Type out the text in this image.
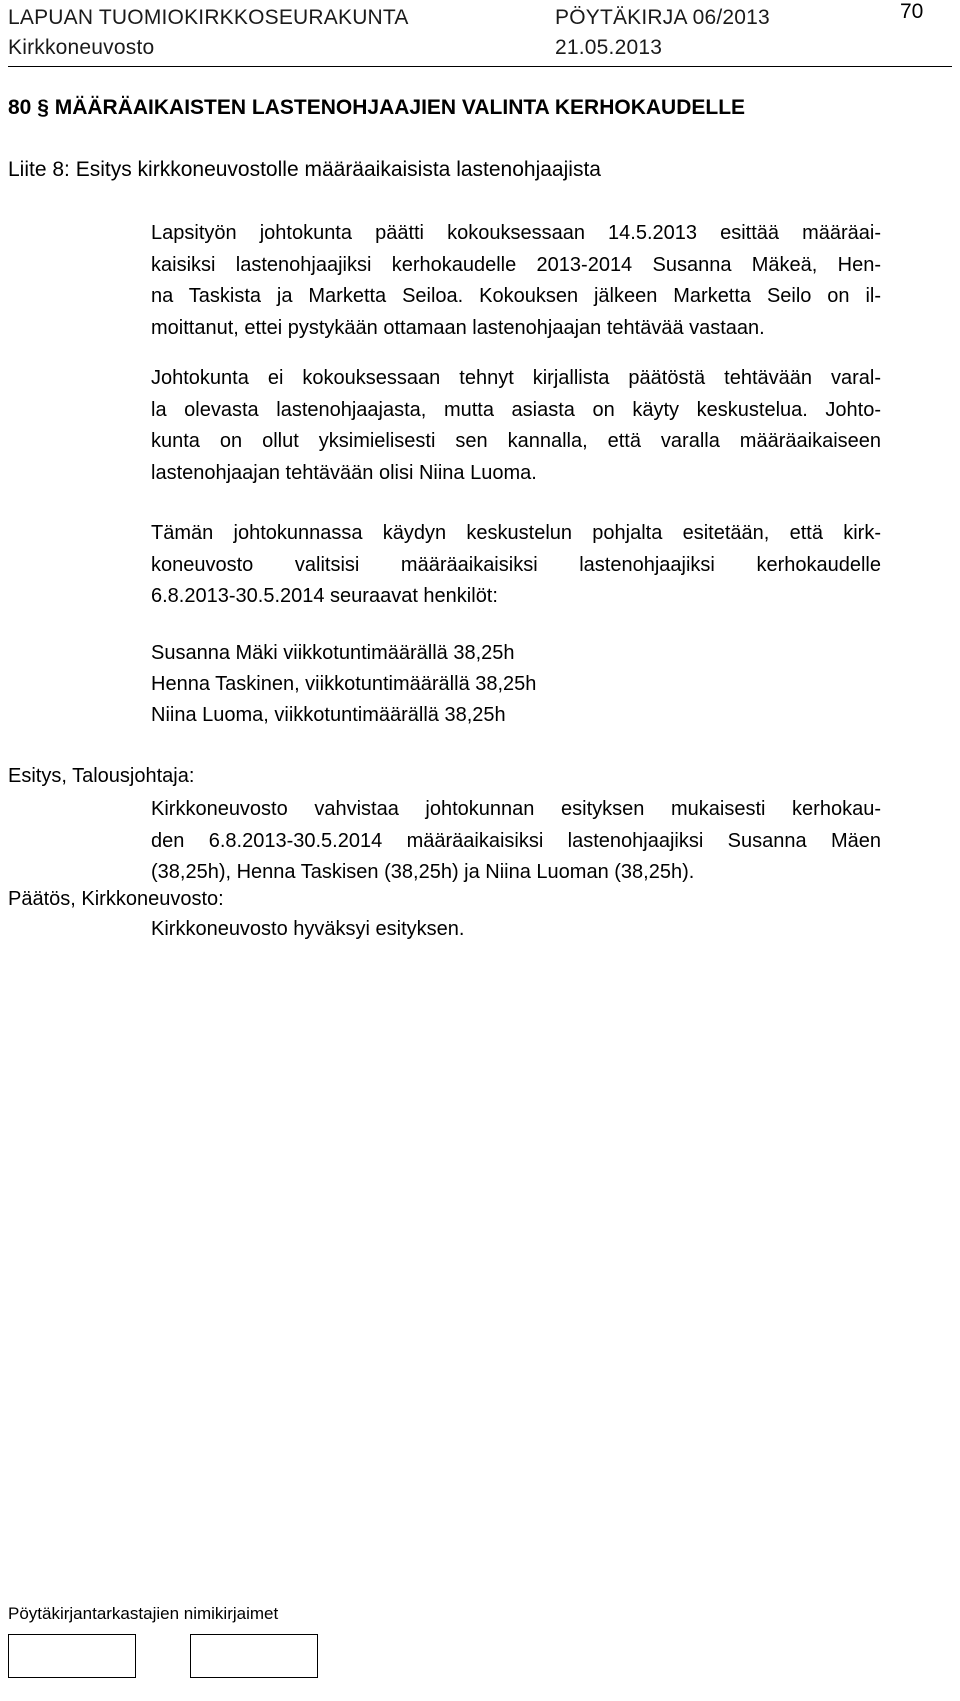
LAPUAN TUOMIOKIRKKOSEURAKUNTA	PÖYTÄKIRJA 06/2013	70
Kirkkoneuvosto	21.05.2013
80 § MÄÄRÄAIKAISTEN LASTENOHJAAJIEN VALINTA KERHOKAUDELLE
Liite 8: Esitys kirkkoneuvostolle määräaikaisista lastenohjaajista
Lapsityön johtokunta päätti kokouksessaan 14.5.2013 esittää määräai-
kaisiksi lastenohjaajiksi kerhokaudelle 2013-2014 Susanna Mäkeä, Hen-
na Taskista ja Marketta Seiloa. Kokouksen jälkeen Marketta Seilo on il-
moittanut, ettei pystykään ottamaan lastenohjaajan tehtävää vastaan.
Johtokunta ei kokouksessaan tehnyt kirjallista päätöstä tehtävään varal-
la olevasta lastenohjaajasta, mutta asiasta on käyty keskustelua. Johto-
kunta on ollut yksimielisesti sen kannalla, että varalla määräaikaiseen
lastenohjaajan tehtävään olisi Niina Luoma.
Tämän johtokunnassa käydyn keskustelun pohjalta esitetään, että kirk-
koneuvosto valitsisi määräaikaisiksi lastenohjaajiksi kerhokaudelle
6.8.2013-30.5.2014 seuraavat henkilöt:
Susanna Mäki viikkotuntimäärällä 38,25h
Henna Taskinen, viikkotuntimäärällä 38,25h
Niina Luoma, viikkotuntimäärällä 38,25h
Esitys, Talousjohtaja:
Kirkkoneuvosto vahvistaa johtokunnan esityksen mukaisesti kerhokau-
den 6.8.2013-30.5.2014 määräaikaisiksi lastenohjaajiksi Susanna Mäen
(38,25h), Henna Taskisen (38,25h) ja Niina Luoman (38,25h).
Päätös, Kirkkoneuvosto:
Kirkkoneuvosto hyväksyi esityksen.
Pöytäkirjantarkastajien nimikirjaimet
